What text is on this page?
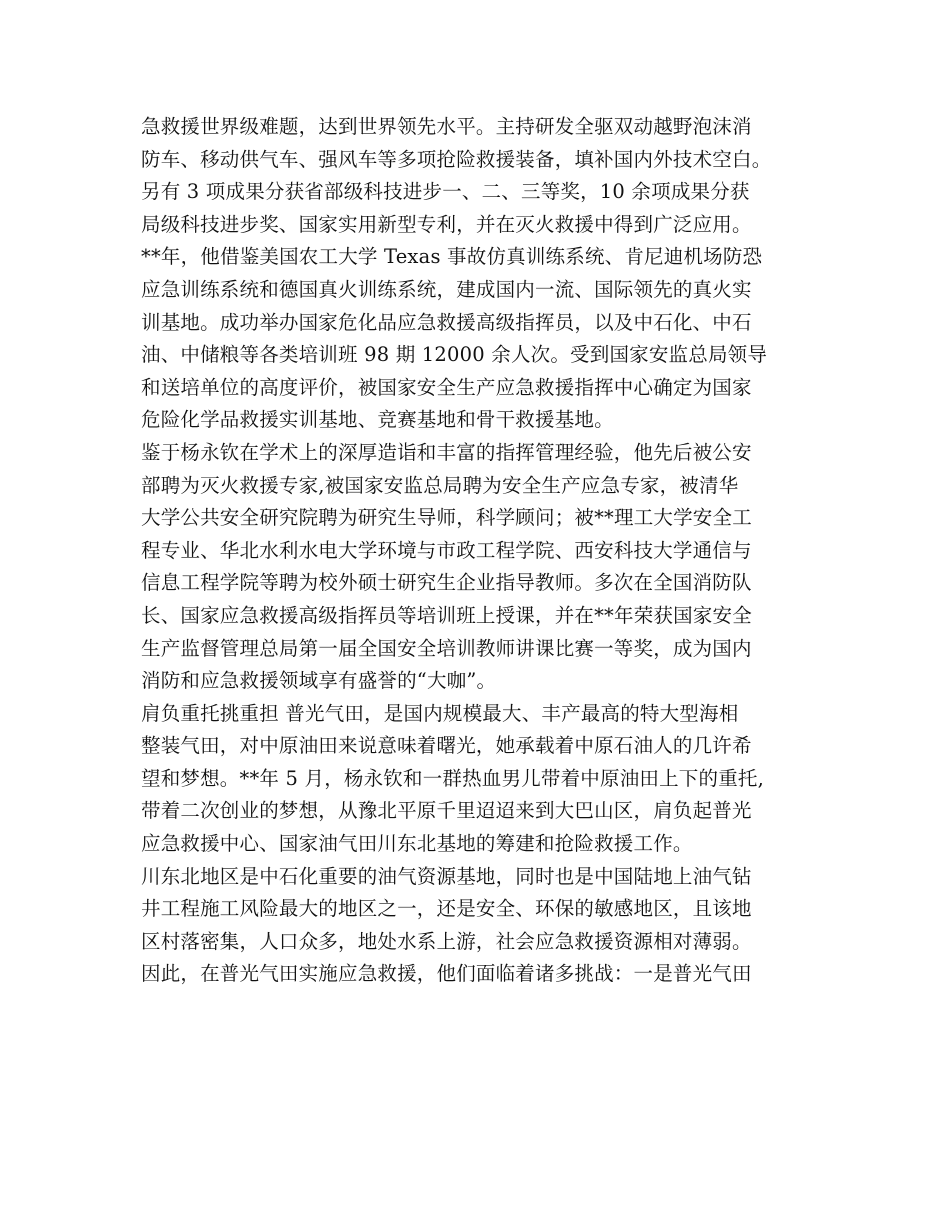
急救援世界级难题，达到世界领先水平。主持研发全驱双动越野泡沫消
防车、移动供气车、强风车等多项抢险救援装备，填补国内外技术空白。
另有 3 项成果分获省部级科技进步一、二、三等奖，10 余项成果分获
局级科技进步奖、国家实用新型专利，并在灭火救援中得到广泛应用。
**年，他借鉴美国农工大学 Texas 事故仿真训练系统、肯尼迪机场防恐
应急训练系统和德国真火训练系统，建成国内一流、国际领先的真火实
训基地。成功举办国家危化品应急救援高级指挥员，以及中石化、中石
油、中储粮等各类培训班 98 期 12000 余人次。受到国家安监总局领导
和送培单位的高度评价，被国家安全生产应急救援指挥中心确定为国家
危险化学品救援实训基地、竞赛基地和骨干救援基地。
鉴于杨永钦在学术上的深厚造诣和丰富的指挥管理经验，他先后被公安
部聘为灭火救援专家,被国家安监总局聘为安全生产应急专家，被清华
大学公共安全研究院聘为研究生导师，科学顾问；被**理工大学安全工
程专业、华北水利水电大学环境与市政工程学院、西安科技大学通信与
信息工程学院等聘为校外硕士研究生企业指导教师。多次在全国消防队
长、国家应急救援高级指挥员等培训班上授课，并在**年荣获国家安全
生产监督管理总局第一届全国安全培训教师讲课比赛一等奖，成为国内
消防和应急救援领域享有盛誉的“大咖”。
肩负重托挑重担 普光气田，是国内规模最大、丰产最高的特大型海相
整装气田，对中原油田来说意味着曙光，她承载着中原石油人的几许希
望和梦想。**年 5 月，杨永钦和一群热血男儿带着中原油田上下的重托,
带着二次创业的梦想，从豫北平原千里迢迢来到大巴山区，肩负起普光
应急救援中心、国家油气田川东北基地的筹建和抢险救援工作。
川东北地区是中石化重要的油气资源基地，同时也是中国陆地上油气钻
井工程施工风险最大的地区之一，还是安全、环保的敏感地区，且该地
区村落密集，人口众多，地处水系上游，社会应急救援资源相对薄弱。
因此，在普光气田实施应急救援，他们面临着诸多挑战：一是普光气田
